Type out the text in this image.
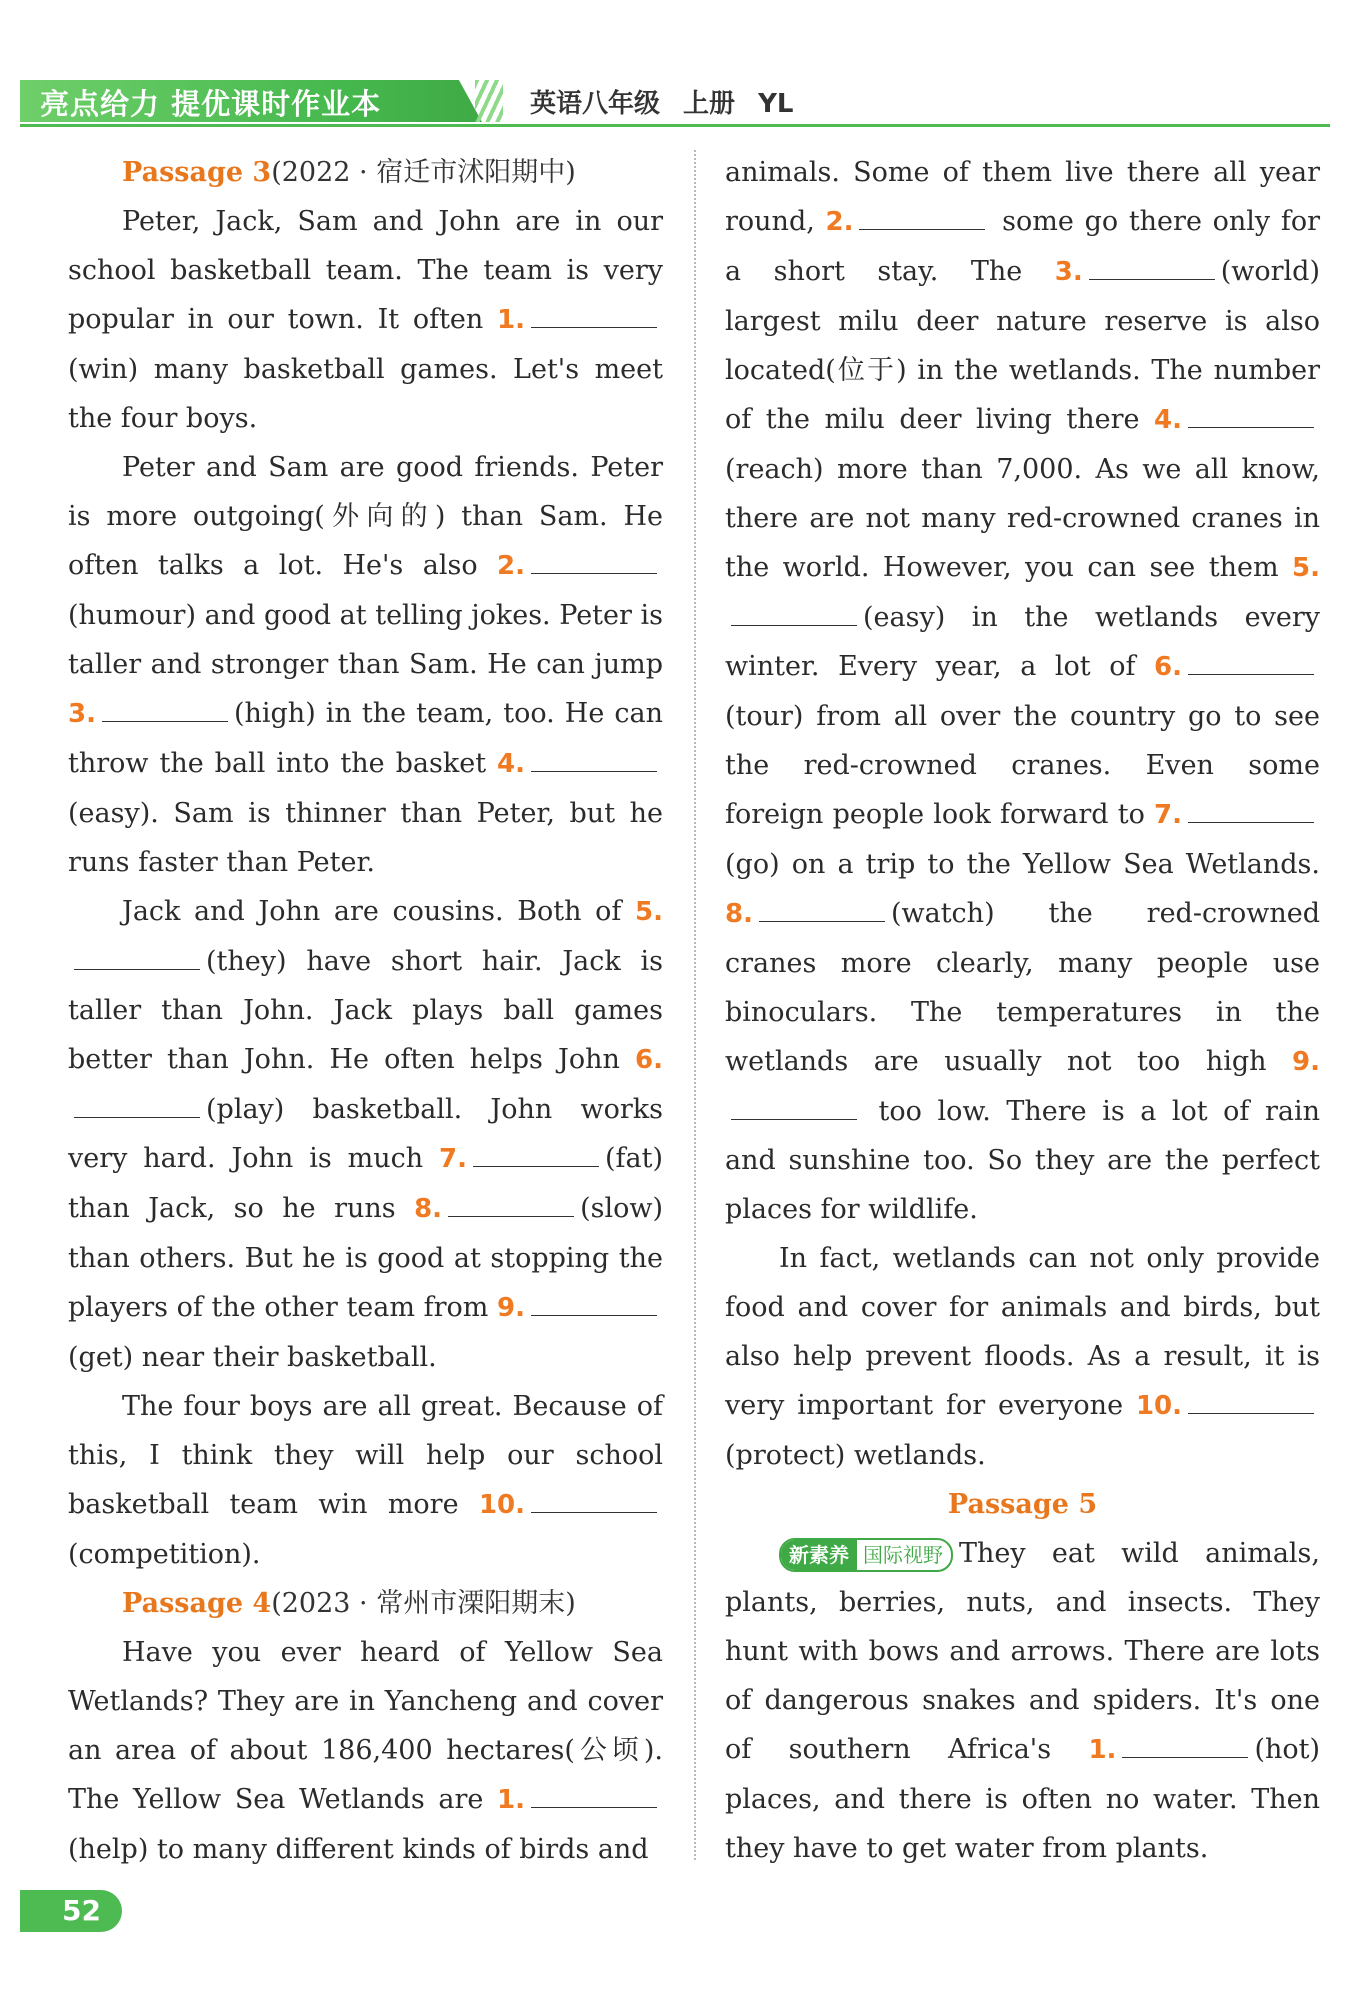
亮点给力 提优课时作业本	英语八年级 上册 YL

Passage 3(2022 · 宿迁市沭阳期中)

Peter, Jack, Sam and John are in our school basketball team. The team is very popular in our town. It often 1.(win) many basketball games. Let's meet the four boys.

Peter and Sam are good friends. Peter is more outgoing(外向的) than Sam. He often talks a lot. He's also 2.(humour) and good at telling jokes. Peter is taller and stronger than Sam. He can jump 3.	(high) in the team, too. He can throw the ball into the basket 4.(easy). Sam is thinner than Peter, but he runs faster than Peter.

Jack and John are cousins. Both of 5.(they) have short hair. Jack is taller than John. Jack plays ball games better than John. He often helps John 6.(play) basketball. John works very hard. John is much 7.	(fat) than Jack, so he runs 8.	(slow) than others. But he is good at stopping the players of the other team from 9.(get) near their basketball.

The four boys are all great. Because of this, I think they will help our school basketball team win more 10.(competition).

Passage 4(2023 · 常州市溧阳期末)

Have you ever heard of Yellow Sea Wetlands? They are in Yancheng and cover an area of about 186,400 hectares(公顷). The Yellow Sea Wetlands are 1.(help) to many different kinds of birds and

animals. Some of them live there all year round, 2.	some go there only for a short stay. The 3.	(world) largest milu deer nature reserve is also located(位于) in the wetlands. The number of the milu deer living there 4.(reach) more than 7,000. As we all know, there are not many red-crowned cranes in the world. However, you can see them 5.(easy) in the wetlands every winter. Every year, a lot of 6.(tour) from all over the country go to see the red-crowned cranes. Even some foreign people look forward to 7.(go) on a trip to the Yellow Sea Wetlands. 8.	(watch) the red-crowned cranes more clearly, many people use binoculars. The temperatures in the wetlands are usually not too high 9. too low. There is a lot of rain and sunshine too. So they are the perfect places for wildlife.

In fact, wetlands can not only provide food and cover for animals and birds, but also help prevent floods. As a result, it is very important for everyone 10.(protect) wetlands.

Passage 5

新素养 国际视野 They eat wild animals, plants, berries, nuts, and insects. They hunt with bows and arrows. There are lots of dangerous snakes and spiders. It's one of southern Africa's 1.	(hot) places, and there is often no water. Then they have to get water from plants.

52
